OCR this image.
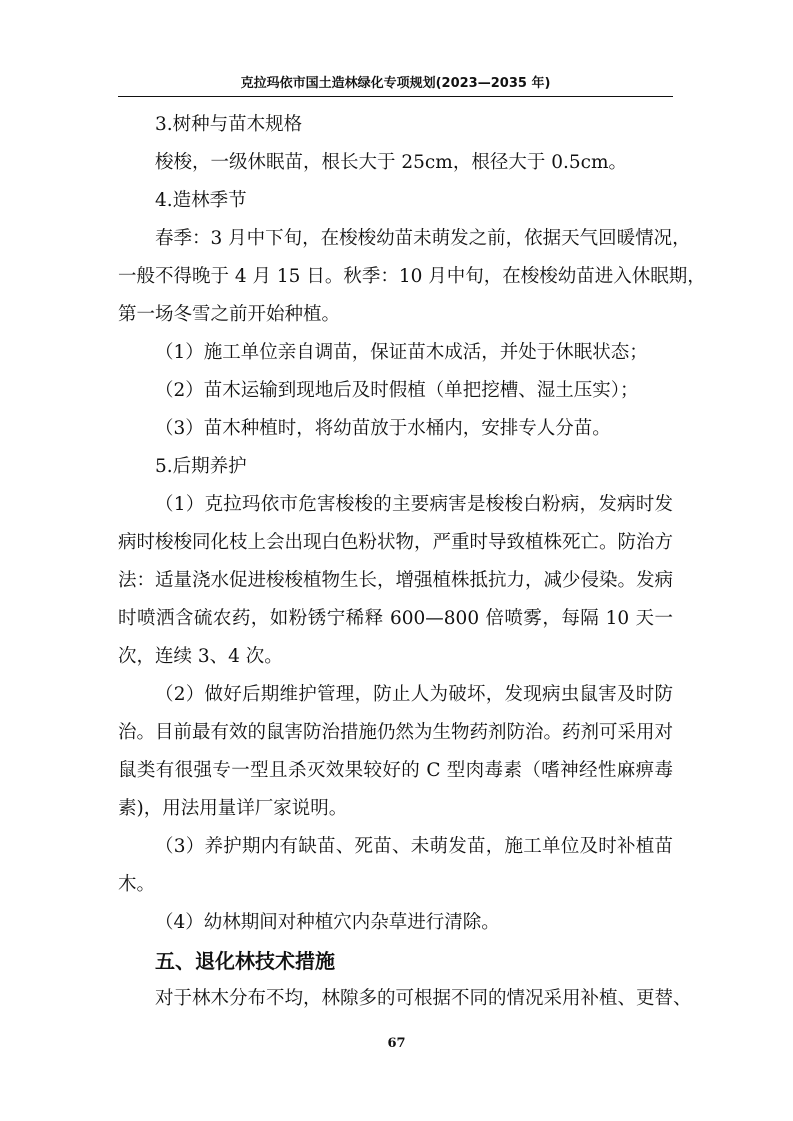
克拉玛依市国土造林绿化专项规划(2023—2035 年)

3.树种与苗木规格

梭梭，一级休眠苗，根长大于 25cm，根径大于 0.5cm。

4.造林季节

春季：3 月中下旬，在梭梭幼苗未萌发之前，依据天气回暖情况，

一般不得晚于 4 月 15 日。秋季：10 月中旬，在梭梭幼苗进入休眠期，

第一场冬雪之前开始种植。

（1）施工单位亲自调苗，保证苗木成活，并处于休眠状态；

（2）苗木运输到现地后及时假植（单把挖槽、湿土压实）；

（3）苗木种植时，将幼苗放于水桶内，安排专人分苗。

5.后期养护

（1）克拉玛依市危害梭梭的主要病害是梭梭白粉病，发病时发病时梭梭同化枝上会出现白色粉状物，严重时导致植株死亡。防治方法：适量浇水促进梭梭植物生长，增强植株抵抗力，减少侵染。发病时喷洒含硫农药，如粉锈宁稀释 600—800 倍喷雾，每隔 10 天一次，连续 3、4 次。

（2）做好后期维护管理，防止人为破坏，发现病虫鼠害及时防治。目前最有效的鼠害防治措施仍然为生物药剂防治。药剂可采用对鼠类有很强专一型且杀灭效果较好的 C 型肉毒素（嗜神经性麻痹毒素)，用法用量详厂家说明。

（3）养护期内有缺苗、死苗、未萌发苗，施工单位及时补植苗木。

（4）幼林期间对种植穴内杂草进行清除。

五、退化林技术措施

对于林木分布不均，林隙多的可根据不同的情况采用补植、更替、

67
